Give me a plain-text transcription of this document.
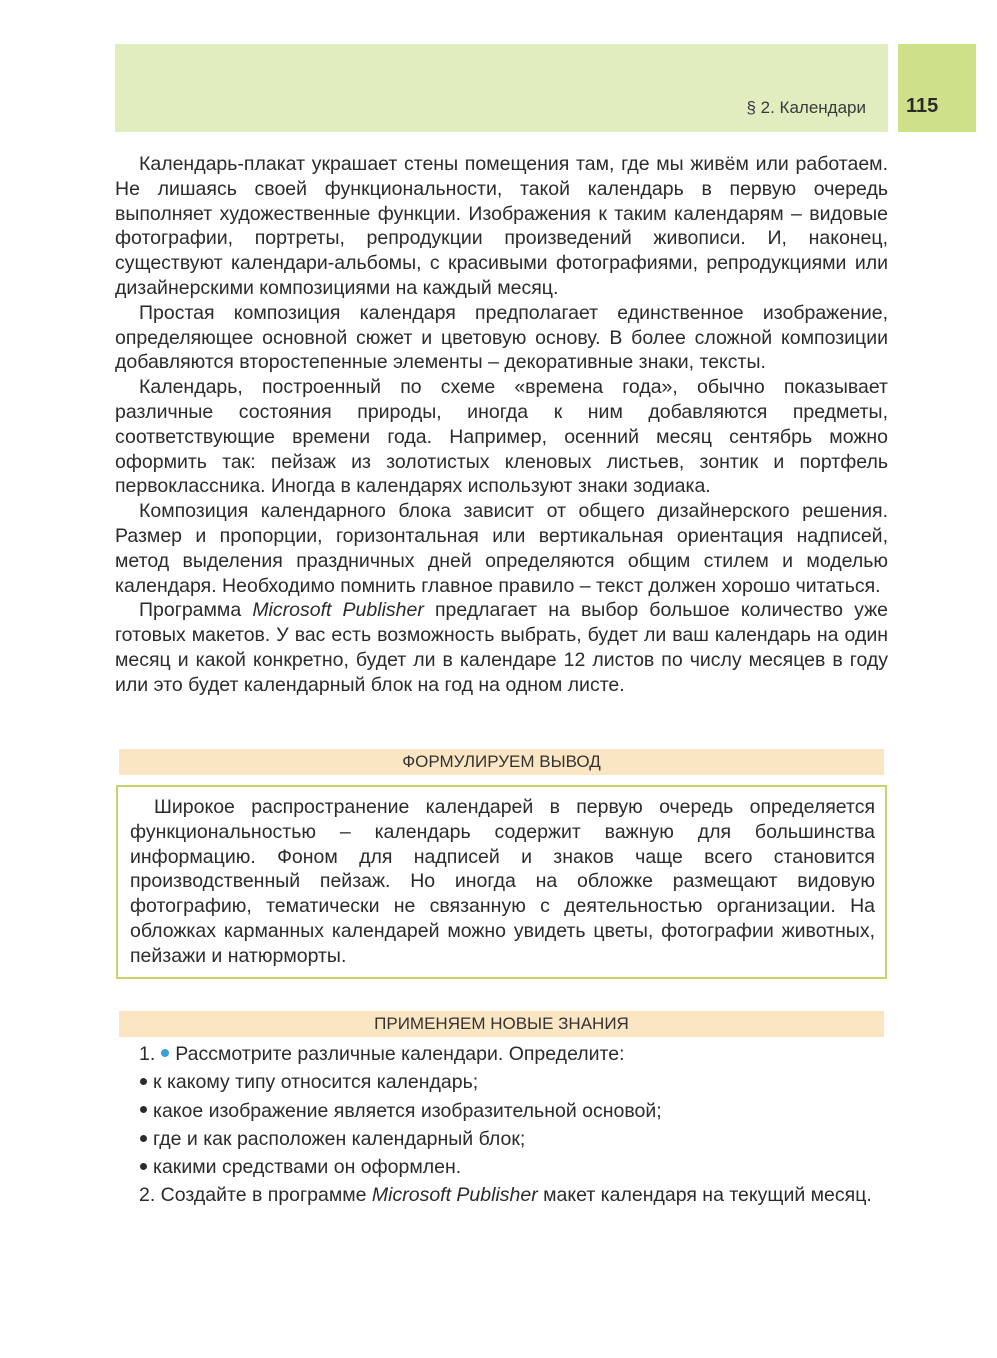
§ 2. Календари 115

Календарь-плакат украшает стены помещения там, где мы живём или работаем. Не лишаясь своей функциональности, такой календарь в первую очередь выполняет художественные функции. Изображения к таким календарям – видовые фотографии, портреты, репродукции произведений живописи. И, наконец, существуют календари-альбомы, с красивыми фотографиями, репродукциями или дизайнерскими композициями на каждый месяц.

Простая композиция календаря предполагает единственное изображение, определяющее основной сюжет и цветовую основу. В более сложной композиции добавляются второстепенные элементы – декоративные знаки, тексты.

Календарь, построенный по схеме «времена года», обычно показывает различные состояния природы, иногда к ним добавляются предметы, соответствующие времени года. Например, осенний месяц сентябрь можно оформить так: пейзаж из золотистых кленовых листьев, зонтик и портфель первоклассника. Иногда в календарях используют знаки зодиака.

Композиция календарного блока зависит от общего дизайнерского решения. Размер и пропорции, горизонтальная или вертикальная ориентация надписей, метод выделения праздничных дней определяются общим стилем и моделью календаря. Необходимо помнить главное правило – текст должен хорошо читаться.

Программа Microsoft Publisher предлагает на выбор большое количество уже готовых макетов. У вас есть возможность выбрать, будет ли ваш календарь на один месяц и какой конкретно, будет ли в календаре 12 листов по числу месяцев в году или это будет календарный блок на год на одном листе.

ФОРМУЛИРУЕМ ВЫВОД

Широкое распространение календарей в первую очередь определяется функциональностью – календарь содержит важную для большинства информацию. Фоном для надписей и знаков чаще всего становится производственный пейзаж. Но иногда на обложке размещают видовую фотографию, тематически не связанную с деятельностью организации. На обложках карманных календарей можно увидеть цветы, фотографии животных, пейзажи и натюрморты.

ПРИМЕНЯЕМ НОВЫЕ ЗНАНИЯ
1. Рассмотрите различные календари. Определите:
к какому типу относится календарь;
какое изображение является изобразительной основой;
где и как расположен календарный блок;
какими средствами он оформлен.

2. Создайте в программе Microsoft Publisher макет календаря на текущий месяц.
